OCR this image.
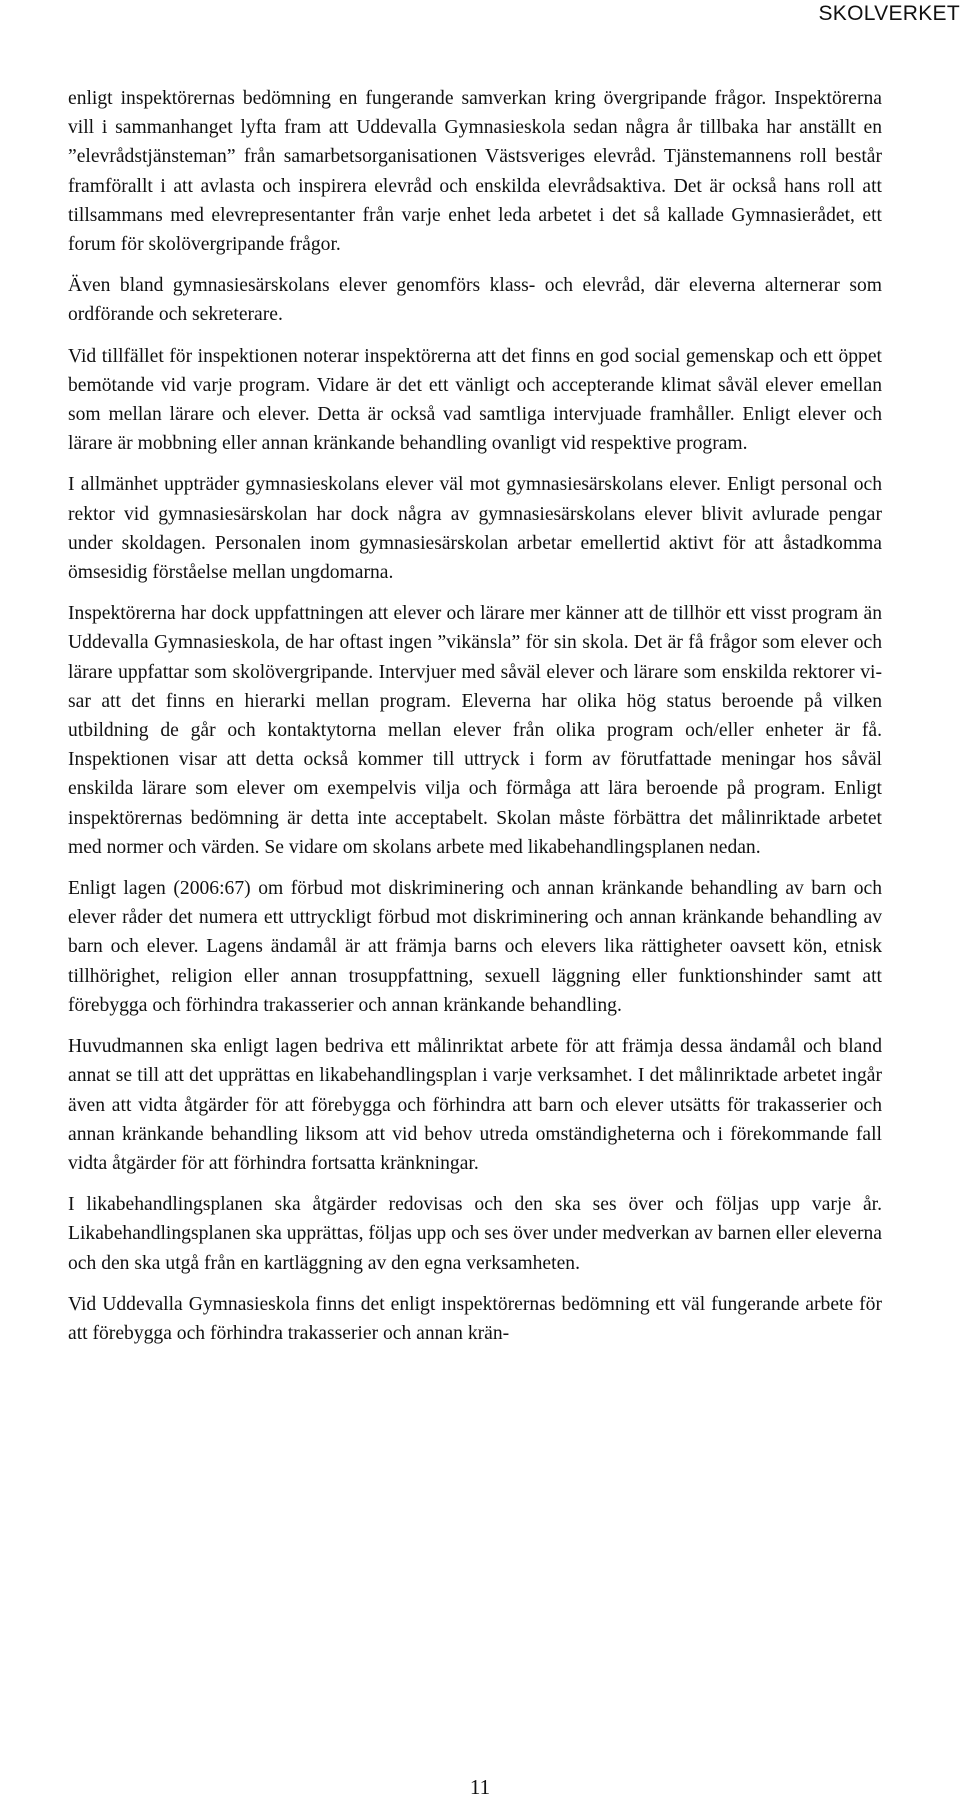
SKOLVERKET

enligt inspektörernas bedömning en fungerande samverkan kring övergripande frågor. Inspektörerna vill i sammanhanget lyfta fram att Uddevalla Gymnasieskola sedan några år tillbaka har anställt en ”elevrådstjänsteman” från samarbetsorganisationen Västsveriges elevråd. Tjänstemannens roll består framförallt i att avlasta och inspirera elevråd och enskilda elevrådsaktiva. Det är också hans roll att tillsammans med elevrepresentanter från varje enhet leda arbetet i det så kallade Gymnasierådet, ett forum för skolövergripande frågor.

Även bland gymnasiesärskolans elever genomförs klass- och elevråd, där eleverna alternerar som ordförande och sekreterare.

Vid tillfället för inspektionen noterar inspektörerna att det finns en god social gemenskap och ett öppet bemötande vid varje program. Vidare är det ett vänligt och accepterande klimat såväl elever emellan som mellan lärare och elever. Detta är också vad samtliga intervjuade framhåller. Enligt elever och lärare är mobbning eller annan kränkande behandling ovanligt vid respektive program.

I allmänhet uppträder gymnasieskolans elever väl mot gymnasiesärskolans elever. Enligt personal och rektor vid gymnasiesärskolan har dock några av gymnasiesärskolans elever blivit avlurade pengar under skoldagen. Personalen inom gymnasiesärskolan arbetar emellertid aktivt för att åstadkomma ömsesidig förståelse mellan ungdomarna.

Inspektörerna har dock uppfattningen att elever och lärare mer känner att de tillhör ett visst program än Uddevalla Gymnasieskola, de har oftast ingen ”vikänsla” för sin skola. Det är få frågor som elever och lärare uppfattar som skolövergripande. Intervjuer med såväl elever och lärare som enskilda rektorer visar att det finns en hierarki mellan program. Eleverna har olika hög status beroende på vilken utbildning de går och kontaktytorna mellan elever från olika program och/eller enheter är få. Inspektionen visar att detta också kommer till uttryck i form av förutfattade meningar hos såväl enskilda lärare som elever om exempelvis vilja och förmåga att lära beroende på program. Enligt inspektörernas bedömning är detta inte acceptabelt. Skolan måste förbättra det målinriktade arbetet med normer och värden. Se vidare om skolans arbete med likabehandlingsplanen nedan.

Enligt lagen (2006:67) om förbud mot diskriminering och annan kränkande behandling av barn och elever råder det numera ett uttryckligt förbud mot diskriminering och annan kränkande behandling av barn och elever. Lagens ändamål är att främja barns och elevers lika rättigheter oavsett kön, etnisk tillhörighet, religion eller annan trosuppfattning, sexuell läggning eller funktionshinder samt att förebygga och förhindra trakasserier och annan kränkande behandling.

Huvudmannen ska enligt lagen bedriva ett målinriktat arbete för att främja dessa ändamål och bland annat se till att det upprättas en likabehandlingsplan i varje verksamhet. I det målinriktade arbetet ingår även att vidta åtgärder för att förebygga och förhindra att barn och elever utsätts för trakasserier och annan kränkande behandling liksom att vid behov utreda omständigheterna och i förekommande fall vidta åtgärder för att förhindra fortsatta kränkningar.

I likabehandlingsplanen ska åtgärder redovisas och den ska ses över och följas upp varje år. Likabehandlingsplanen ska upprättas, följas upp och ses över under medverkan av barnen eller eleverna och den ska utgå från en kartläggning av den egna verksamheten.

Vid Uddevalla Gymnasieskola finns det enligt inspektörernas bedömning ett väl fungerande arbete för att förebygga och förhindra trakasserier och annan krän-

11
